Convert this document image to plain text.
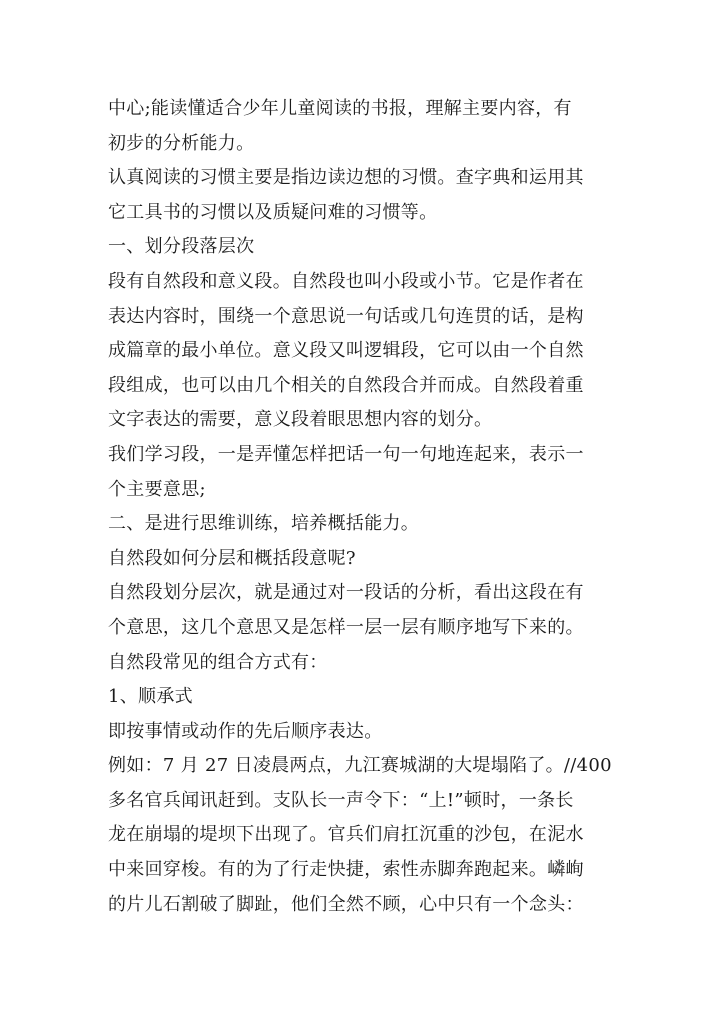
中心;能读懂适合少年儿童阅读的书报，理解主要内容，有
初步的分析能力。
认真阅读的习惯主要是指边读边想的习惯。查字典和运用其
它工具书的习惯以及质疑问难的习惯等。
一、划分段落层次
段有自然段和意义段。自然段也叫小段或小节。它是作者在
表达内容时，围绕一个意思说一句话或几句连贯的话，是构
成篇章的最小单位。意义段又叫逻辑段，它可以由一个自然
段组成，也可以由几个相关的自然段合并而成。自然段着重
文字表达的需要，意义段着眼思想内容的划分。
我们学习段，一是弄懂怎样把话一句一句地连起来，表示一
个主要意思;
二、是进行思维训练，培养概括能力。
自然段如何分层和概括段意呢?
自然段划分层次，就是通过对一段话的分析，看出这段在有
个意思，这几个意思又是怎样一层一层有顺序地写下来的。
自然段常见的组合方式有：
1、顺承式
即按事情或动作的先后顺序表达。
例如：7 月 27 日凌晨两点，九江赛城湖的大堤塌陷了。//400
多名官兵闻讯赶到。支队长一声令下：“上!”顿时，一条长
龙在崩塌的堤坝下出现了。官兵们肩扛沉重的沙包，在泥水
中来回穿梭。有的为了行走快捷，索性赤脚奔跑起来。嶙峋
的片儿石割破了脚趾，他们全然不顾，心中只有一个念头：
